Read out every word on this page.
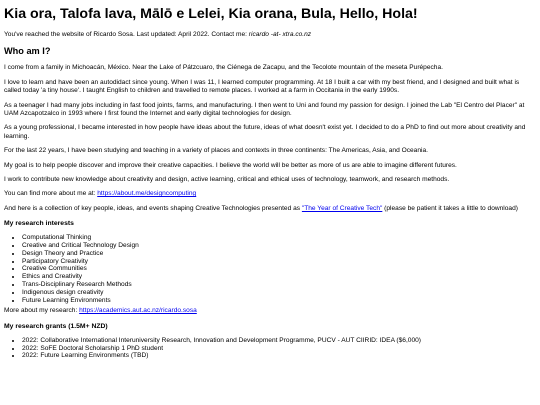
Kia ora, Talofa lava, Mālō e Lelei, Kia orana, Bula, Hello, Hola!

You've reached the website of Ricardo Sosa. Last updated: April 2022. Contact me: ricardo -at- xtra.co.nz

Who am I?

I come from a family in Michoacán, México. Near the Lake of Pátzcuaro, the Ciénega de Zacapu, and the Tecolote mountain of the meseta Purépecha.

I love to learn and have been an autodidact since young. When I was 11, I learned computer programming. At 18 I built a car with my best friend, and I designed and built what is called today 'a tiny house'. I taught English to children and travelled to remote places. I worked at a farm in Occitania in the early 1990s.

As a teenager I had many jobs including in fast food joints, farms, and manufacturing. I then went to Uni and found my passion for design. I joined the Lab "El Centro del Placer" at UAM Azcapotzalco in 1993 where I first found the Internet and early digital technologies for design.

As a young professional, I became interested in how people have ideas about the future, ideas of what doesn't exist yet. I decided to do a PhD to find out more about creativity and learning.

For the last 22 years, I have been studying and teaching in a variety of places and contexts in three continents: The Americas, Asia, and Oceania.

My goal is to help people discover and improve their creative capacities. I believe the world will be better as more of us are able to imagine different futures.

I work to contribute new knowledge about creativity and design, active learning, critical and ethical uses of technology, teamwork, and research methods.

You can find more about me at: https://about.me/designcomputing

And here is a collection of key people, ideas, and events shaping Creative Technologies presented as "The Year of Creative Tech" (please be patient it takes a little to download)

My research interests
• Computational Thinking
• Creative and Critical Technology Design
• Design Theory and Practice
• Participatory Creativity
• Creative Communities
• Ethics and Creativity
• Trans-Disciplinary Research Methods
• Indigenous design creativity
• Future Learning Environments

More about my research: https://academics.aut.ac.nz/ricardo.sosa

My research grants (1.5M+ NZD)
• 2022: Collaborative International Interuniversity Research, Innovation and Development Programme, PUCV - AUT CIIRID: IDEA ($6,000)
• 2022: SoFE Doctoral Scholarship 1 PhD student
• 2022: Future Learning Environments (TBD)
